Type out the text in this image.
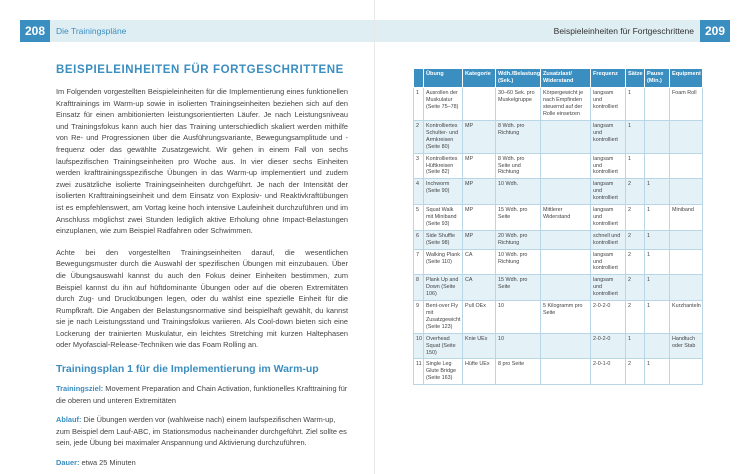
208	Die Trainingspläne
BEISPIELEINHEITEN FÜR FORTGESCHRITTENE

Im Folgenden vorgestellten Beispieleinheiten für die Implementierung eines funktionellen Krafttrainings im Warm-up sowie in isolierten Trainingseinheiten beziehen sich auf den Einsatz für einen ambitionierten leistungsorientierten Läufer. Je nach Leistungsniveau und Trainingsfokus kann auch hier das Training unterschiedlich skaliert werden mithilfe von Re- und Progressionen über die Ausführungsvariante, Bewegungsamplitude und -frequenz oder das gewählte Zusatzgewicht. Wir gehen in einem Fall von sechs laufspezifischen Trainingseinheiten pro Woche aus. In vier dieser sechs Einheiten werden krafttrainingsspezifische Übungen in das Warm-up implementiert und zudem zwei zusätzliche isolierte Trainingseinheiten durchgeführt. Je nach der Intensität der isolierten Krafttrainingseinheit und dem Einsatz von Explosiv- und Reaktivkraftübungen ist es empfehlenswert, am Vortag keine hoch intensive Laufeinheit durchzuführen und im Anschluss möglichst zwei Stunden lediglich aktive Erholung ohne Impact-Belastungen einzuplanen, wie zum Beispiel Radfahren oder Schwimmen.

Achte bei den vorgestellten Trainingseinheiten darauf, die wesentlichen Bewegungsmuster durch die Auswahl der spezifischen Übungen mit einzubauen. Über die Übungsauswahl kannst du auch den Fokus deiner Einheiten bestimmen, zum Beispiel kannst du ihn auf hüftdominante Übungen oder auf die oberen Extremitäten durch Zug- und Druckübungen legen, oder du wählst eine spezielle Einheit für die Rumpfkraft. Die Angaben der Belastungsnormative sind beispielhaft gewählt, du kannst sie je nach Leistungsstand und Trainingsfokus variieren. Als Cool-down bieten sich eine Lockerung der trainierten Muskulatur, ein leichtes Stretching mit kurzen Haltephasen oder Myofascial-Release-Techniken wie das Foam Rolling an.

Trainingsplan 1 für die Implementierung im Warm-up

Trainingsziel: Movement Preparation and Chain Activation, funktionelles Krafttraining für die oberen und unteren Extremitäten

Ablauf: Die Übungen werden vor (wahlweise nach) einem laufspezifischen Warm-up, zum Beispiel dem Lauf-ABC, im Stationsmodus nacheinander durchgeführt. Ziel sollte es sein, jede Übung bei maximaler Anspannung und Aktivierung durchzuführen.

Dauer: etwa 25 Minuten

209
Beispieleinheiten für Fortgeschrittene
	Übung	Kategorie	Wdh./Belastung (Sek.)	Zusatzlast/ Widerstand	Frequenz	Sätze	Pause (Min.)	Equipment
1	Ausrollen der Muskulatur (Seite 75–78)		30–60 Sek. pro Muskelgruppe	Körpergewicht je nach Empfinden steuernd auf der Rolle einsetzen	langsam und kontrolliert	1		Foam Roll
2	Kontrolliertes Schulter- und Armkreisen (Seite 80)	MP	8 Wdh. pro Richtung		langsam und kontrolliert	1		
3	Kontrolliertes Hüftkreisen (Seite 82)	MP	8 Wdh. pro Seite und Richtung		langsam und kontrolliert	1		
4	Inchworm (Seite 90)	MP	10 Wdh.		langsam und kontrolliert	2	1	
5	Squat Walk mit Miniband (Seite 93)	MP	15 Wdh. pro Seite	Mittlerer Widerstand	langsam und kontrolliert	2	1	Miniband
6	Side Shuffle (Seite 98)	MP	20 Wdh. pro Richtung		schnell und kontrolliert	2	1	
7	Walking Plank (Seite 110)	CA	10 Wdh. pro Richtung		langsam und kontrolliert	2	1	
8	Plank Up and Down (Seite 106)	CA	15 Wdh. pro Seite		langsam und kontrolliert	2	1	
9	Bent-over Fly mit Zusatzgewicht (Seite 123)	Pull OEx	10	5 Kilogramm pro Seite	2-0-2-0	2	1	Kurzhanteln
10	Overhead Squat (Seite 150)	Knie UEx	10		2-0-2-0	1		Handtuch oder Stab
11	Single Leg Glute Bridge (Seite 163)	Hüfte UEx	8 pro Seite		2-0-1-0	2	1	
